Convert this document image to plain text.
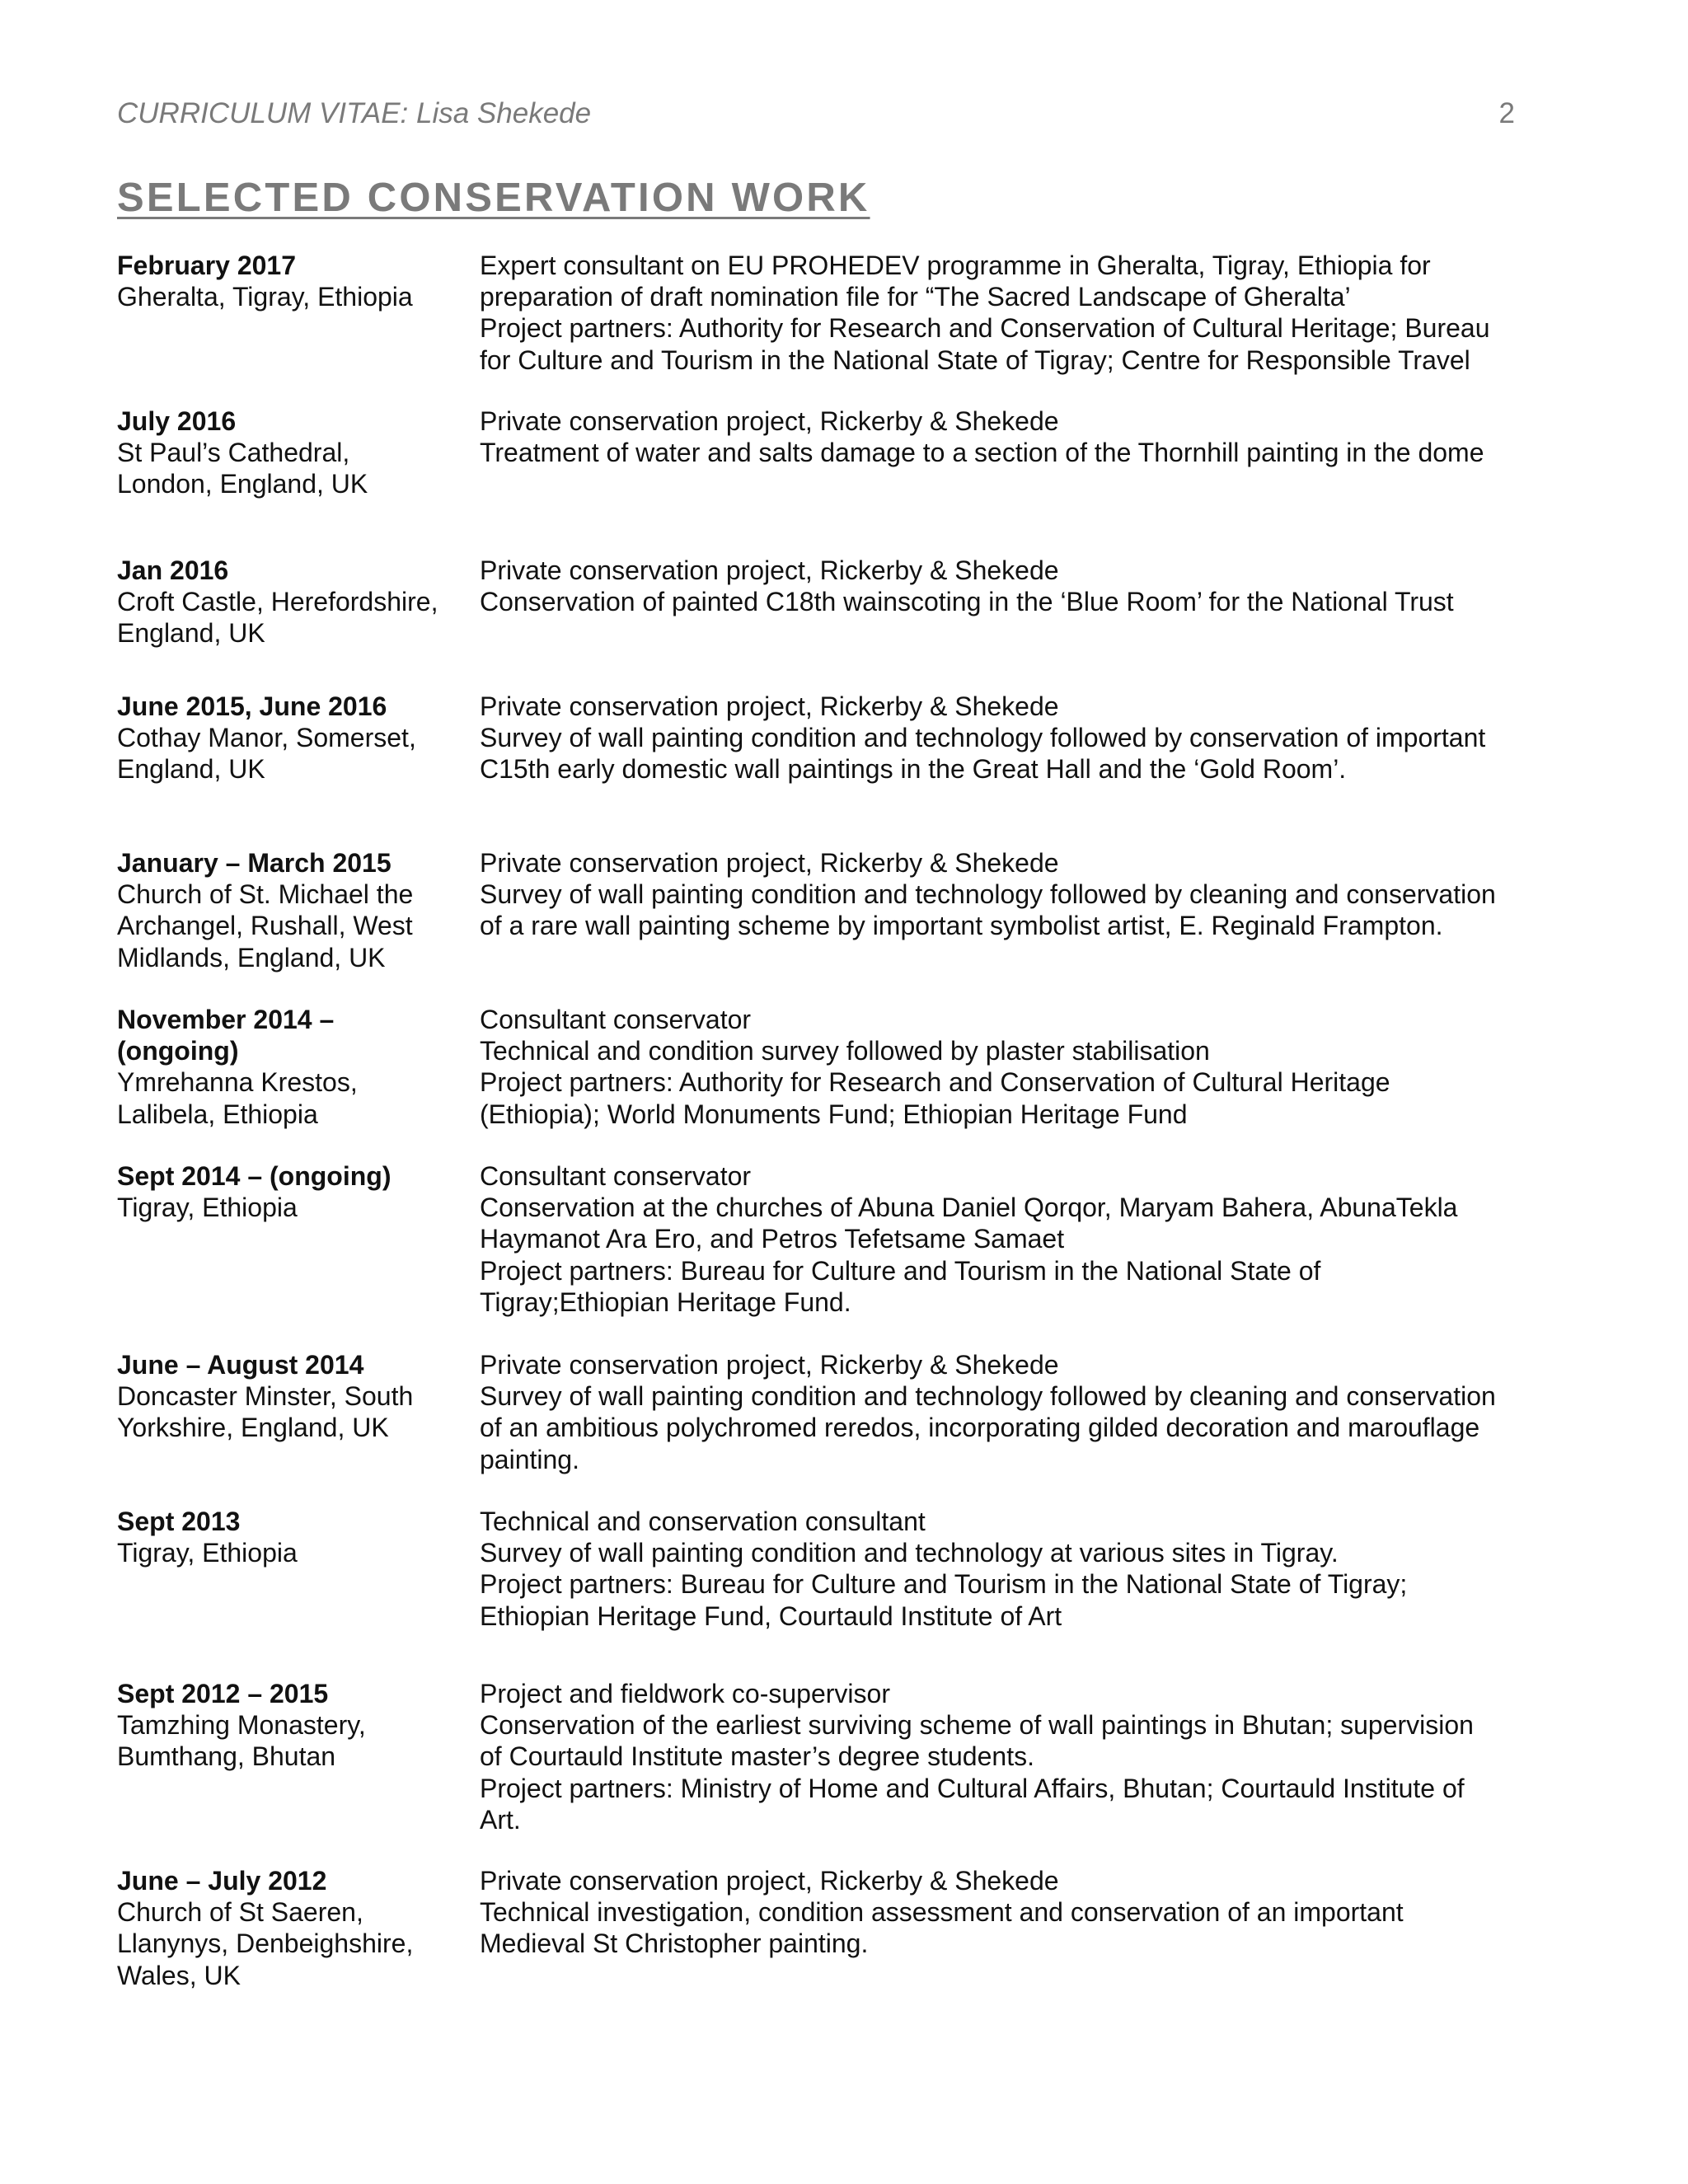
CURRICULUM VITAE: Lisa Shekede	2
SELECTED CONSERVATION WORK
February 2017
Gheralta, Tigray, Ethiopia
Expert consultant on EU PROHEDEV programme in Gheralta, Tigray, Ethiopia for
preparation of draft nomination file for “The Sacred Landscape of Gheralta’
Project partners: Authority for Research and Conservation of Cultural Heritage; Bureau
for Culture and Tourism in the National State of Tigray; Centre for Responsible Travel
July 2016
St Paul’s Cathedral,
London, England, UK
Private conservation project, Rickerby & Shekede
Treatment of water and salts damage to a section of the Thornhill painting in the dome
Jan 2016
Croft Castle, Herefordshire,
England, UK
Private conservation project, Rickerby & Shekede
Conservation of painted C18th wainscoting in the ‘Blue Room’ for the National Trust
June 2015, June 2016
Cothay Manor, Somerset,
England, UK
Private conservation project, Rickerby & Shekede
Survey of wall painting condition and technology followed by conservation of important
C15th early domestic wall paintings in the Great Hall and the ‘Gold Room’.
January – March 2015
Church of St. Michael the
Archangel, Rushall, West
Midlands, England, UK
Private conservation project, Rickerby & Shekede
Survey of wall painting condition and technology followed by cleaning and conservation
of a rare wall painting scheme by important symbolist artist, E. Reginald Frampton.
November 2014 –
(ongoing)
Ymrehanna Krestos,
Lalibela, Ethiopia
Consultant conservator
Technical and condition survey followed by plaster stabilisation
Project partners: Authority for Research and Conservation of Cultural Heritage
(Ethiopia); World Monuments Fund; Ethiopian Heritage Fund
Sept 2014 – (ongoing)
Tigray, Ethiopia
Consultant conservator
Conservation at the churches of Abuna Daniel Qorqor, Maryam Bahera, AbunaTekla
Haymanot Ara Ero, and Petros Tefetsame Samaet
Project partners: Bureau for Culture and Tourism in the National State of
Tigray;Ethiopian Heritage Fund.
June – August 2014
Doncaster Minster, South
Yorkshire, England, UK
Private conservation project, Rickerby & Shekede
Survey of wall painting condition and technology followed by cleaning and conservation
of an ambitious polychromed reredos, incorporating gilded decoration and marouflage
painting.
Sept 2013
Tigray, Ethiopia
Technical and conservation consultant
Survey of wall painting condition and technology at various sites in Tigray.
Project partners: Bureau for Culture and Tourism in the National State of Tigray;
Ethiopian Heritage Fund, Courtauld Institute of Art
Sept 2012 – 2015
Tamzhing Monastery,
Bumthang, Bhutan
Project and fieldwork co-supervisor
Conservation of the earliest surviving scheme of wall paintings in Bhutan; supervision
of Courtauld Institute master’s degree students.
Project partners: Ministry of Home and Cultural Affairs, Bhutan; Courtauld Institute of
Art.
June – July 2012
Church of St Saeren,
Llanynys, Denbeighshire,
Wales, UK
Private conservation project, Rickerby & Shekede
Technical investigation, condition assessment and conservation of an important
Medieval St Christopher painting.
